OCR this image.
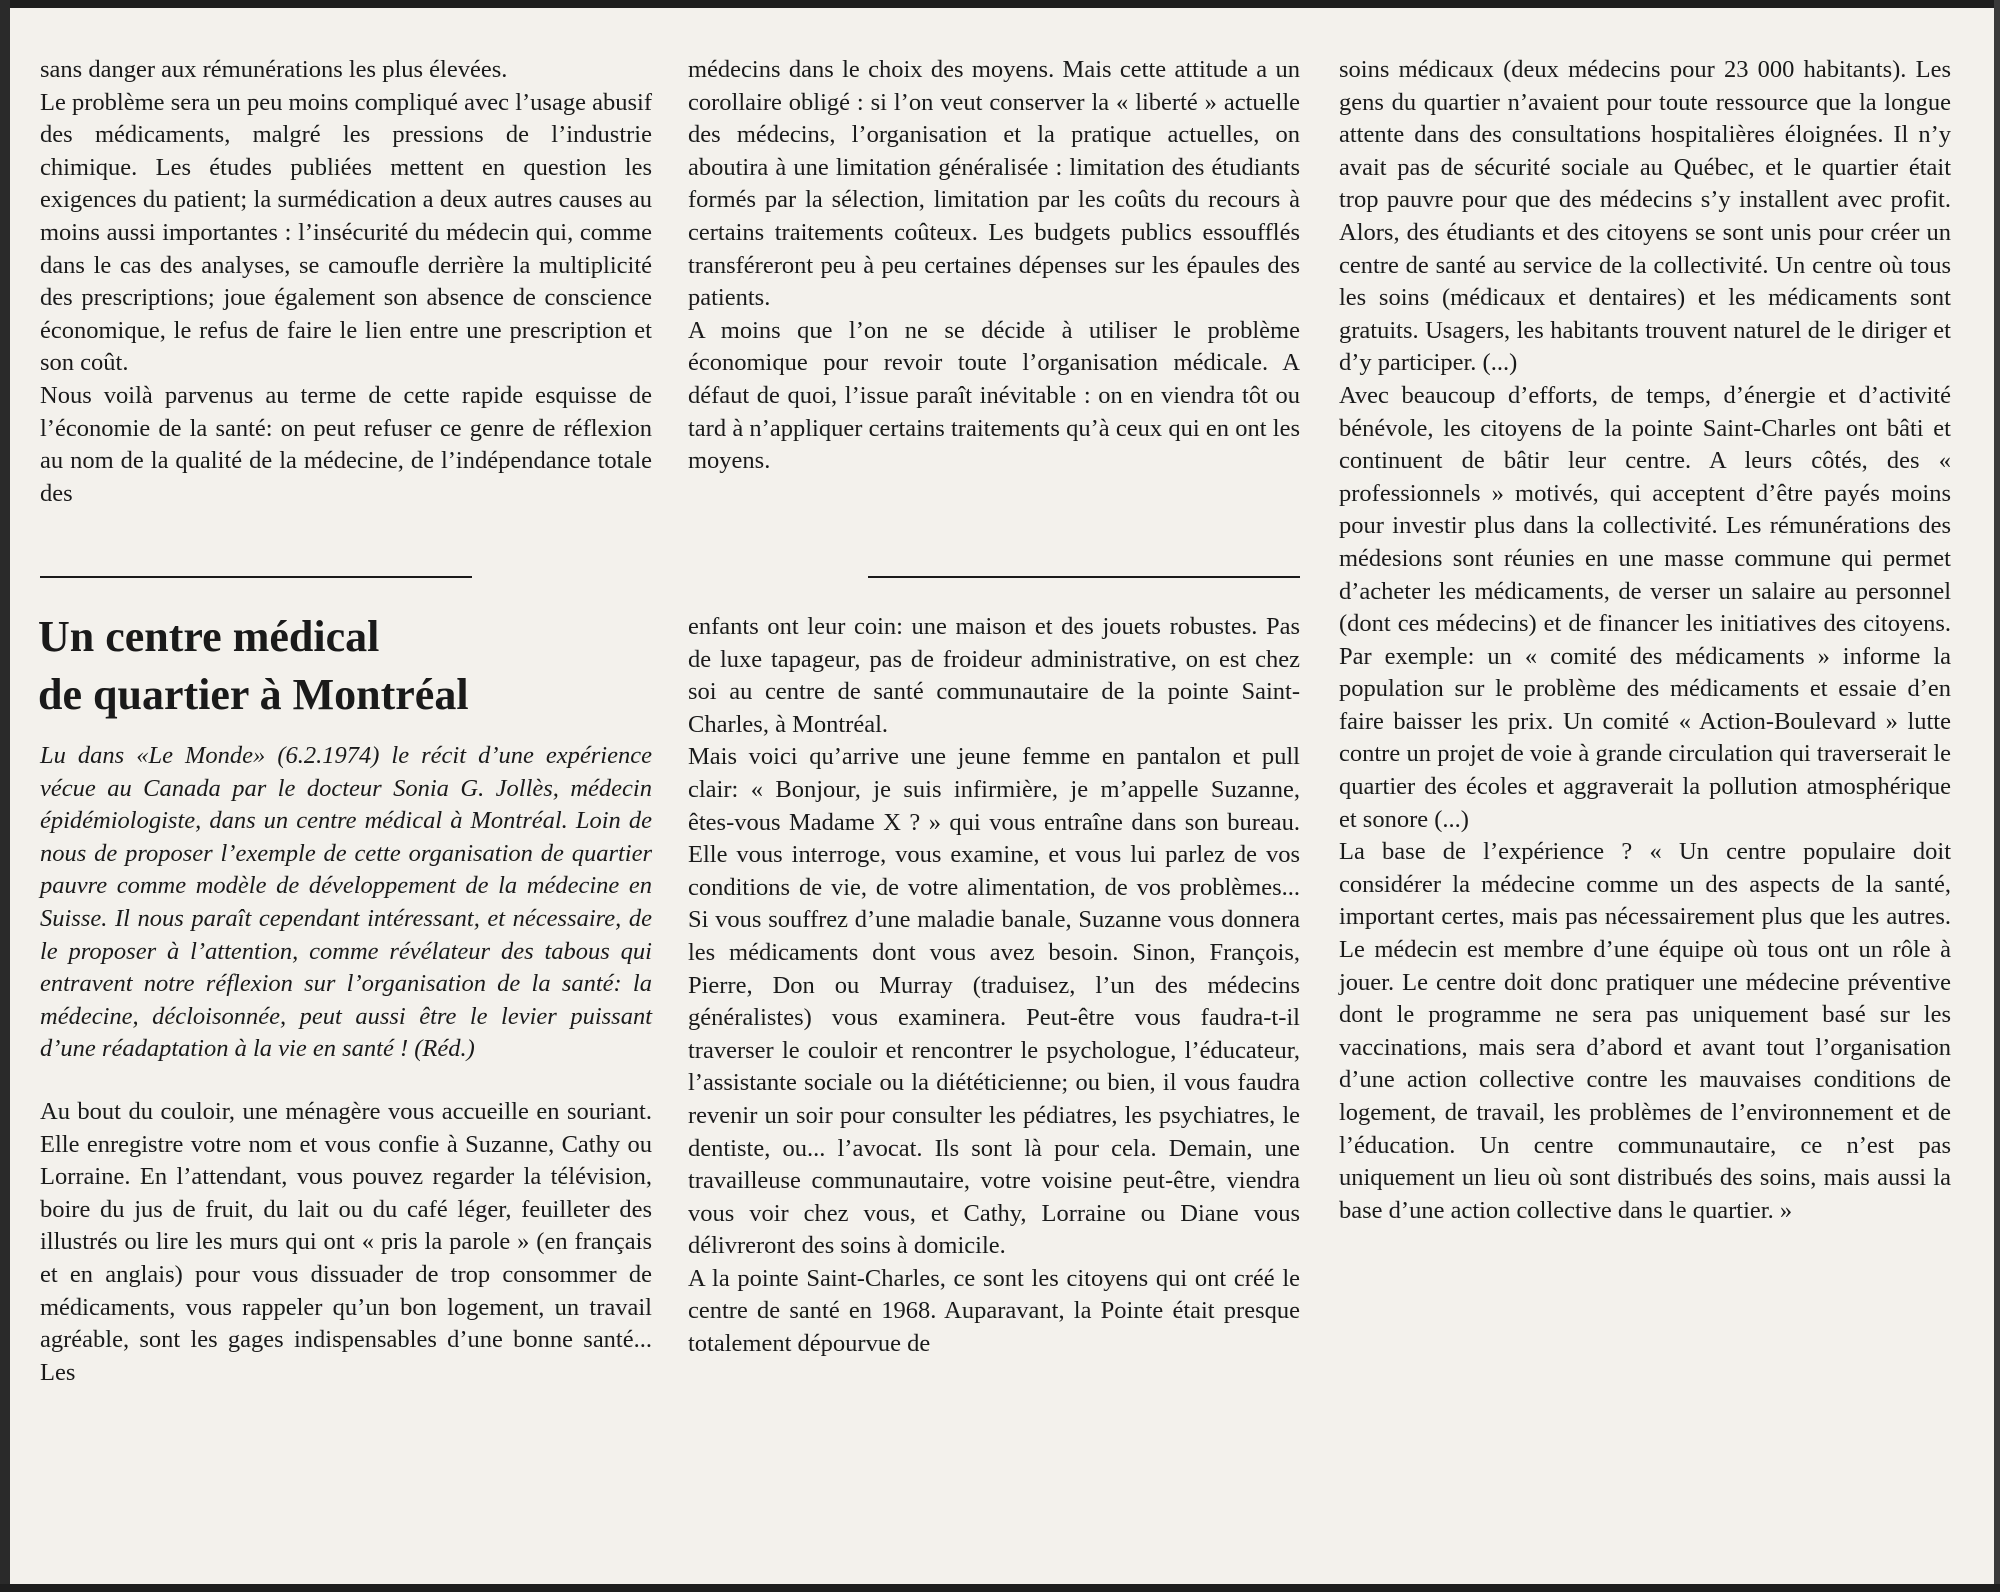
sans danger aux rémunérations les plus élevées.

Le problème sera un peu moins compliqué avec l’usage abusif des médicaments, malgré les pressions de l’industrie chimique. Les études publiées mettent en question les exigences du patient; la surmédication a deux autres causes au moins aussi importantes : l’insécurité du médecin qui, comme dans le cas des analyses, se camoufle derrière la multiplicité des prescriptions; joue également son absence de conscience économique, le refus de faire le lien entre une prescription et son coût.

Nous voilà parvenus au terme de cette rapide esquisse de l’économie de la santé: on peut refuser ce genre de réflexion au nom de la qualité de la médecine, de l’indépendance totale des

médecins dans le choix des moyens. Mais cette attitude a un corollaire obligé : si l’on veut conserver la « liberté » actuelle des médecins, l’organisation et la pratique actuelles, on aboutira à une limitation généralisée : limitation des étudiants formés par la sélection, limitation par les coûts du recours à certains traitements coûteux. Les budgets publics essoufflés transféreront peu à peu certaines dépenses sur les épaules des patients.

A moins que l’on ne se décide à utiliser le problème économique pour revoir toute l’organisation médicale. A défaut de quoi, l’issue paraît inévitable : on en viendra tôt ou tard à n’appliquer certains traitements qu’à ceux qui en ont les moyens.

Un centre médical
de quartier à Montréal

Lu dans «Le Monde» (6.2.1974) le récit d’une expérience vécue au Canada par le docteur Sonia G. Jollès, médecin épidémiologiste, dans un centre médical à Montréal. Loin de nous de proposer l’exemple de cette organisation de quartier pauvre comme modèle de développement de la médecine en Suisse. Il nous paraît cependant intéressant, et nécessaire, de le proposer à l’attention, comme révélateur des tabous qui entravent notre réflexion sur l’organisation de la santé: la médecine, décloisonnée, peut aussi être le levier puissant d’une réadaptation à la vie en santé ! (Réd.)

Au bout du couloir, une ménagère vous accueille en souriant. Elle enregistre votre nom et vous confie à Suzanne, Cathy ou Lorraine. En l’attendant, vous pouvez regarder la télévision, boire du jus de fruit, du lait ou du café léger, feuilleter des illustrés ou lire les murs qui ont « pris la parole » (en français et en anglais) pour vous dissuader de trop consommer de médicaments, vous rappeler qu’un bon logement, un travail agréable, sont les gages indispensables d’une bonne santé... Les

enfants ont leur coin: une maison et des jouets robustes. Pas de luxe tapageur, pas de froideur administrative, on est chez soi au centre de santé communautaire de la pointe Saint-Charles, à Montréal.

Mais voici qu’arrive une jeune femme en pantalon et pull clair: « Bonjour, je suis infirmière, je m’appelle Suzanne, êtes-vous Madame X ? » qui vous entraîne dans son bureau. Elle vous interroge, vous examine, et vous lui parlez de vos conditions de vie, de votre alimentation, de vos problèmes... Si vous souffrez d’une maladie banale, Suzanne vous donnera les médicaments dont vous avez besoin. Sinon, François, Pierre, Don ou Murray (traduisez, l’un des médecins généralistes) vous examinera. Peut-être vous faudra-t-il traverser le couloir et rencontrer le psychologue, l’éducateur, l’assistante sociale ou la diététicienne; ou bien, il vous faudra revenir un soir pour consulter les pédiatres, les psychiatres, le dentiste, ou... l’avocat. Ils sont là pour cela. Demain, une travailleuse communautaire, votre voisine peut-être, viendra vous voir chez vous, et Cathy, Lorraine ou Diane vous délivreront des soins à domicile.

A la pointe Saint-Charles, ce sont les citoyens qui ont créé le centre de santé en 1968. Auparavant, la Pointe était presque totalement dépourvue de

soins médicaux (deux médecins pour 23 000 habitants). Les gens du quartier n’avaient pour toute ressource que la longue attente dans des consultations hospitalières éloignées. Il n’y avait pas de sécurité sociale au Québec, et le quartier était trop pauvre pour que des médecins s’y installent avec profit. Alors, des étudiants et des citoyens se sont unis pour créer un centre de santé au service de la collectivité. Un centre où tous les soins (médicaux et dentaires) et les médicaments sont gratuits. Usagers, les habitants trouvent naturel de le diriger et d’y participer. (...)

Avec beaucoup d’efforts, de temps, d’énergie et d’activité bénévole, les citoyens de la pointe Saint-Charles ont bâti et continuent de bâtir leur centre. A leurs côtés, des « professionnels » motivés, qui acceptent d’être payés moins pour investir plus dans la collectivité. Les rémunérations des médesions sont réunies en une masse commune qui permet d’acheter les médicaments, de verser un salaire au personnel (dont ces médecins) et de financer les initiatives des citoyens. Par exemple: un « comité des médicaments » informe la population sur le problème des médicaments et essaie d’en faire baisser les prix. Un comité « Action-Boulevard » lutte contre un projet de voie à grande circulation qui traverserait le quartier des écoles et aggraverait la pollution atmosphérique et sonore (...)

La base de l’expérience ? « Un centre populaire doit considérer la médecine comme un des aspects de la santé, important certes, mais pas nécessairement plus que les autres. Le médecin est membre d’une équipe où tous ont un rôle à jouer. Le centre doit donc pratiquer une médecine préventive dont le programme ne sera pas uniquement basé sur les vaccinations, mais sera d’abord et avant tout l’organisation d’une action collective contre les mauvaises conditions de logement, de travail, les problèmes de l’environnement et de l’éducation. Un centre communautaire, ce n’est pas uniquement un lieu où sont distribués des soins, mais aussi la base d’une action collective dans le quartier. »
